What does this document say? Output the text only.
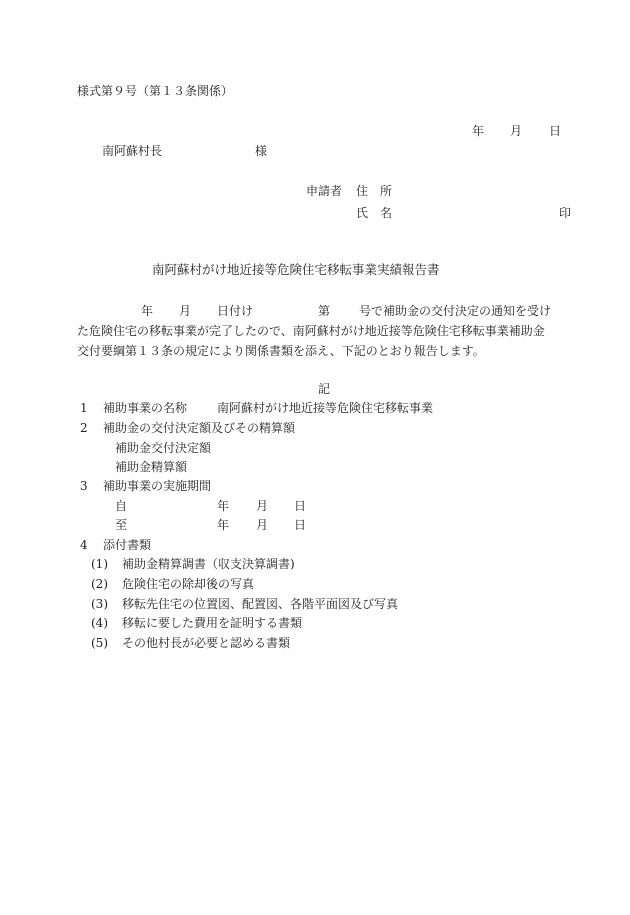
様式第９号（第１３条関係）
年 月 日
南阿蘇村長	様
申請者 住　所
氏　名	印
南阿蘇村がけ地近接等危険住宅移転事業実績報告書
年 月 日付け	第 号で補助金の交付決定の通知を受け
た危険住宅の移転事業が完了したので、南阿蘇村がけ地近接等危険住宅移転事業補助金
交付要綱第１３条の規定により関係書類を添え、下記のとおり報告します。
記
1 補助事業の名称 南阿蘇村がけ地近接等危険住宅移転事業
2 補助金の交付決定額及びその精算額
補助金交付決定額
補助金精算額
3 補助事業の実施期間
自	年 月 日
至	年 月 日
4 添付書類
(1) 補助金精算調書（収支決算調書)
(2) 危険住宅の除却後の写真
(3) 移転先住宅の位置図、配置図、各階平面図及び写真
(4) 移転に要した費用を証明する書類
(5) その他村長が必要と認める書類
